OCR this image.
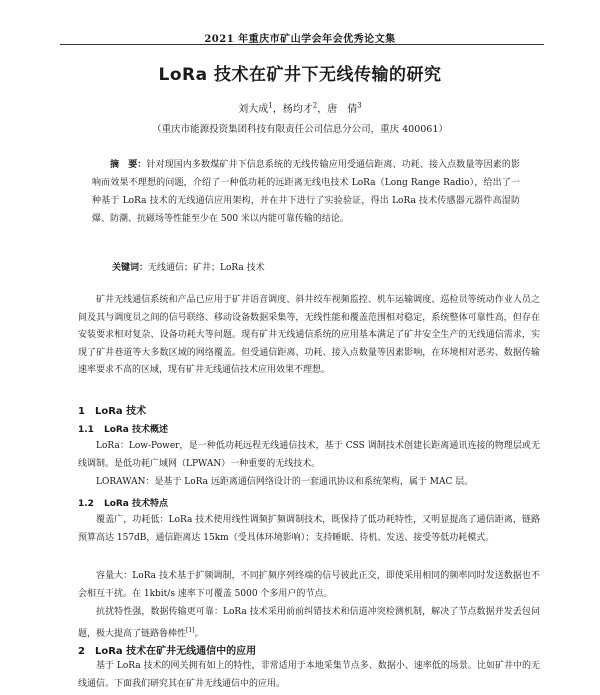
2021 年重庆市矿山学会年会优秀论文集
LoRa 技术在矿井下无线传输的研究
刘大成$^1$，杨均才$^2$，唐　倩$^3$
（重庆市能源投资集团科技有限责任公司信息分公司，重庆 400061）
摘　要：针对现国内多数煤矿井下信息系统的无线传输应用受通信距离、功耗、接入点数量等因素的影响而效果不理想的问题，介绍了一种低功耗的远距离无线电技术 LoRa（Long Range Radio），给出了一种基于 LoRa 技术的无线通信应用架构，并在井下进行了实验验证，得出 LoRa 技术传感器元器件高湿防爆、防潮、抗磁场等性能至少在 500 米以内能可靠传输的结论。
关键词：无线通信；矿井；LoRa 技术
矿井无线通信系统和产品已应用于矿井语音调度、斜井绞车视频监控、机车运输调度、巡检员等统动作业人员之间及其与调度员之间的信号联络、移动设备数据采集等，无线性能和覆盖范围相对稳定，系统整体可靠性高，但存在安装要求相对复杂、设备功耗大等问题。现有矿井无线通信系统的应用基本满足了矿井安全生产的无线通信需求，实现了矿井巷道等大多数区域的网络覆盖。但受通信距离、功耗、接入点数量等因素影响，在环境相对恶劣、数据传输速率要求不高的区域，现有矿井无线通信技术应用效果不理想。
1 LoRa 技术
1.1 LoRa 技术概述
LoRa：Low-Power，是一种低功耗远程无线通信技术，基于 CSS 调制技术创建长距离通讯连接的物理层或无线调制。是低功耗广域网（LPWAN）一种重要的无线技术。
LORAWAN：是基于 LoRa 远距离通信网络设计的一套通讯协议和系统架构，属于 MAC 层。
1.2 LoRa 技术特点
覆盖广，功耗低：LoRa 技术使用线性调频扩频调制技术，既保持了低功耗特性，又明显提高了通信距离，链路预算高达 157dB，通信距离达 15km（受具体环境影响）；支持睡眠、待机、发送、接受等低功耗模式。
容量大：LoRa 技术基于扩频调制，不同扩频序列终端的信号彼此正交，即使采用相同的频率同时发送数据也不会相互干扰。在 1kbit/s 速率下可覆盖 5000 个多用户的节点。
抗扰特性强，数据传输更可靠：LoRa 技术采用前前纠错技术和信道冲突检测机制，解决了节点数据并发丢包问题，极大提高了链路鲁棒性[1]。
2 LoRa 技术在矿井无线通信中的应用
基于 LoRa 技术的网关拥有如上的特性，非常适用于本地采集节点多、数据小、速率低的场景。比如矿井中的无线通信。下面我们研究其在矿井无线通信中的应用。
